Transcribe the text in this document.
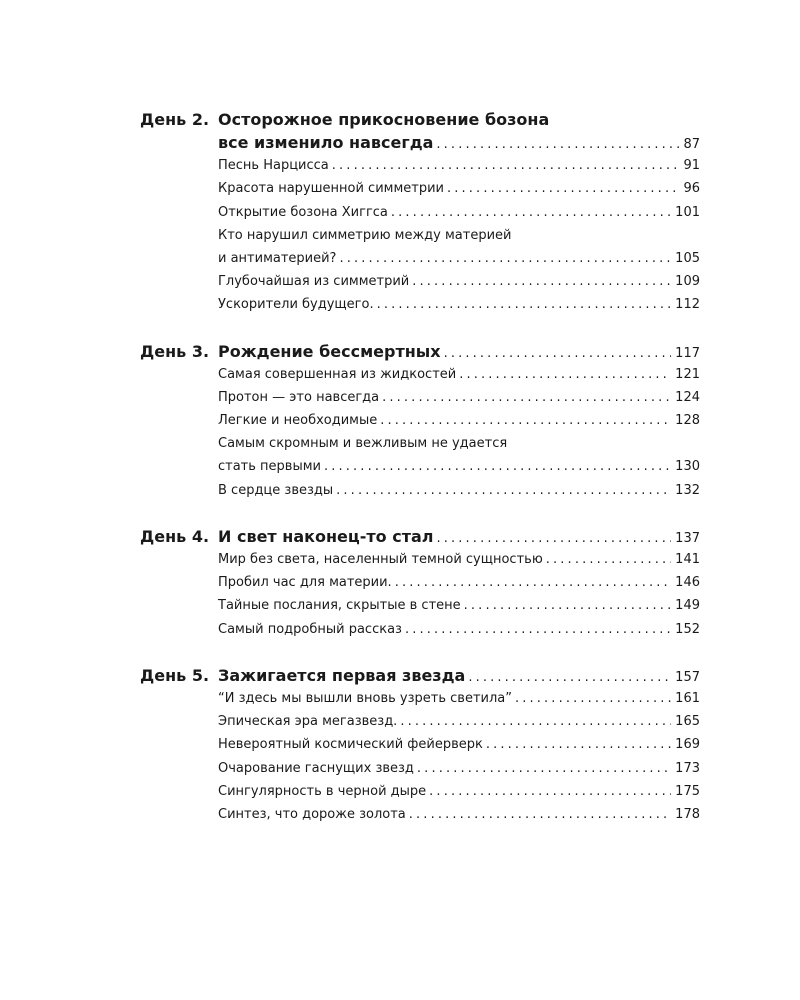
День 2. Осторожное прикосновение бозона
все изменило навсегда . . .	87
Песнь Нарцисса . . .	91
Красота нарушенной симметрии . . .	96
Открытие бозона Хиггса . . .	101
Кто нарушил симметрию между материей
и антиматерией? . . .	105
Глубочайшая из симметрий . . .	109
Ускорители будущего. . . .	112
День 3. Рождение бессмертных . . .	117
Самая совершенная из жидкостей . . .	121
Протон — это навсегда . . .	124
Легкие и необходимые . . .	128
Самым скромным и вежливым не удается
стать первыми . . .	130
В сердце звезды . . .	132
День 4. И свет наконец-то стал . . .	137
Мир без света, населенный темной сущностью . . .	141
Пробил час для материи. . . .	146
Тайные послания, скрытые в стене . . .	149
Самый подробный рассказ . . .	152
День 5. Зажигается первая звезда . . .	157
“И здесь мы вышли вновь узреть светила” . . .	161
Эпическая эра мегазвезд. . . .	165
Невероятный космический фейерверк . . .	169
Очарование гаснущих звезд . . .	173
Сингулярность в черной дыре . . .	175
Синтез, что дороже золота . . .	178
